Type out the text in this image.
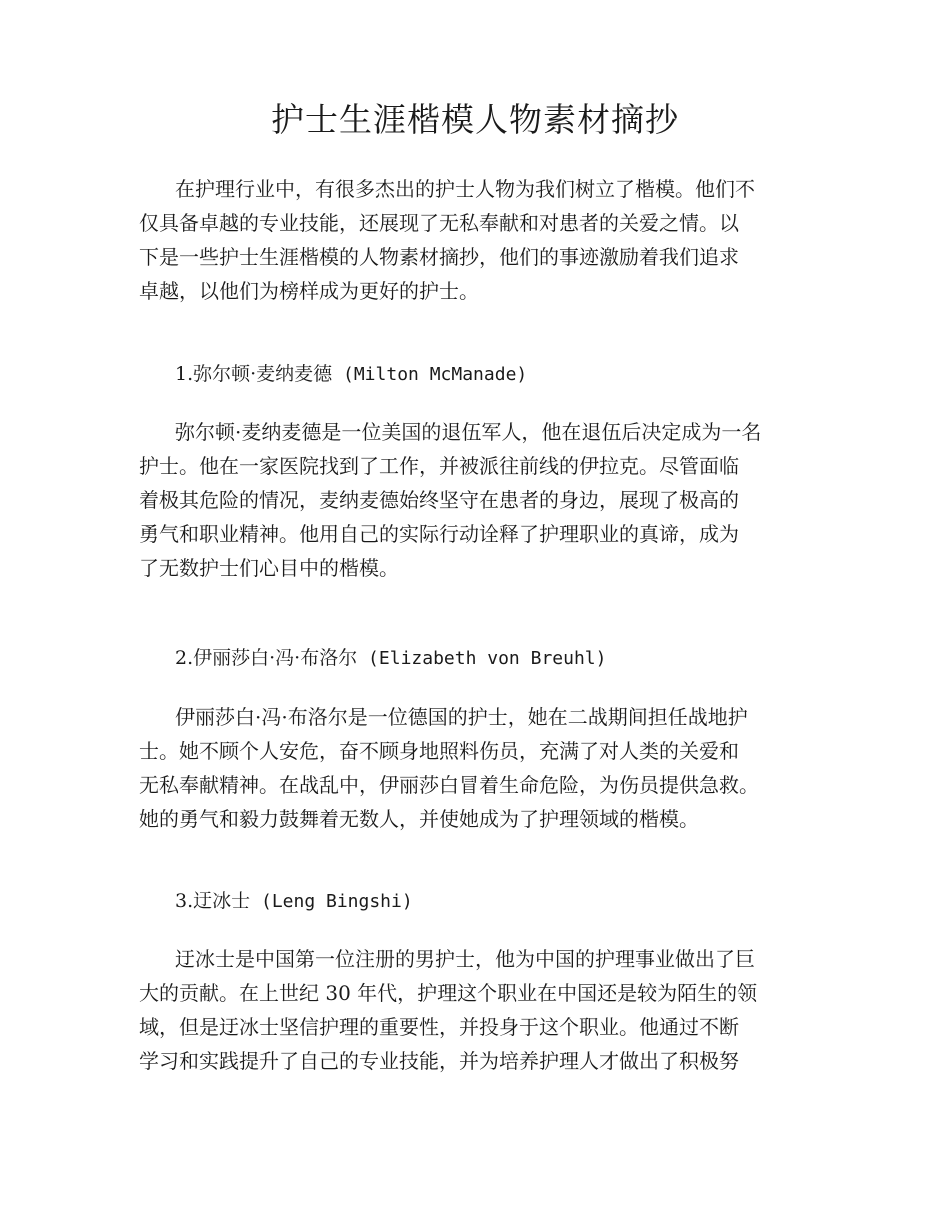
护士生涯楷模人物素材摘抄
在护理行业中，有很多杰出的护士人物为我们树立了楷模。他们不
仅具备卓越的专业技能，还展现了无私奉献和对患者的关爱之情。以
下是一些护士生涯楷模的人物素材摘抄，他们的事迹激励着我们追求
卓越，以他们为榜样成为更好的护士。
1.弥尔顿·麦纳麦德 (Milton McManade)
弥尔顿·麦纳麦德是一位美国的退伍军人，他在退伍后决定成为一名
护士。他在一家医院找到了工作，并被派往前线的伊拉克。尽管面临
着极其危险的情况，麦纳麦德始终坚守在患者的身边，展现了极高的
勇气和职业精神。他用自己的实际行动诠释了护理职业的真谛，成为
了无数护士们心目中的楷模。
2.伊丽莎白·冯·布洛尔 (Elizabeth von Breuhl)
伊丽莎白·冯·布洛尔是一位德国的护士，她在二战期间担任战地护
士。她不顾个人安危，奋不顾身地照料伤员，充满了对人类的关爱和
无私奉献精神。在战乱中，伊丽莎白冒着生命危险，为伤员提供急救。
她的勇气和毅力鼓舞着无数人，并使她成为了护理领域的楷模。
3.迂冰士 (Leng Bingshi)
迂冰士是中国第一位注册的男护士，他为中国的护理事业做出了巨
大的贡献。在上世纪 30 年代，护理这个职业在中国还是较为陌生的领
域，但是迂冰士坚信护理的重要性，并投身于这个职业。他通过不断
学习和实践提升了自己的专业技能，并为培养护理人才做出了积极努
